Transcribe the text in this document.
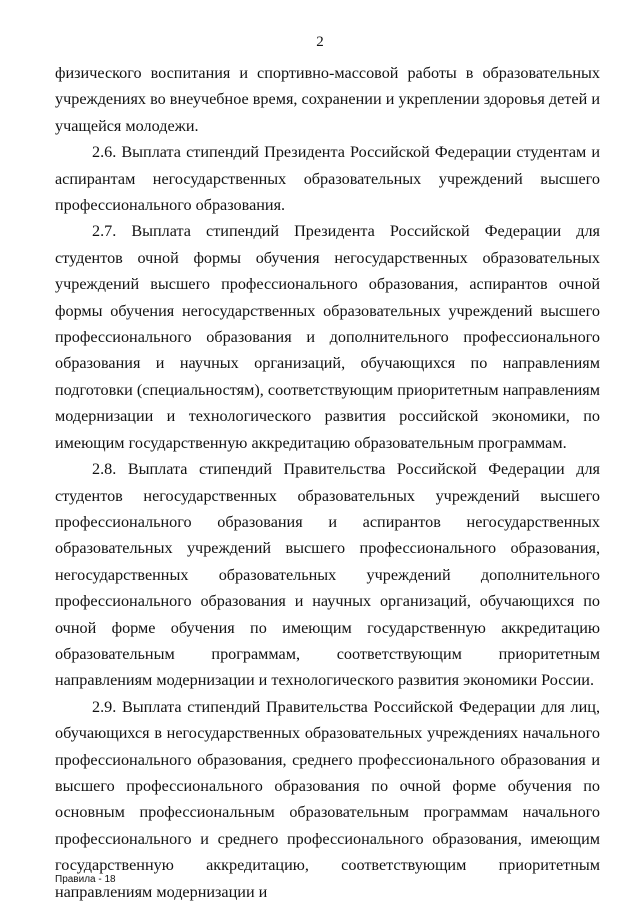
2

физического воспитания и спортивно-массовой работы в образовательных учреждениях во внеучебное время, сохранении и укреплении здоровья детей и учащейся молодежи.

2.6. Выплата стипендий Президента Российской Федерации студентам и аспирантам негосударственных образовательных учреждений высшего профессионального образования.

2.7. Выплата стипендий Президента Российской Федерации для студентов очной формы обучения негосударственных образовательных учреждений высшего профессионального образования, аспирантов очной формы обучения негосударственных образовательных учреждений высшего профессионального образования и дополнительного профессионального образования и научных организаций, обучающихся по направлениям подготовки (специальностям), соответствующим приоритетным направлениям модернизации и технологического развития российской экономики, по имеющим государственную аккредитацию образовательным программам.

2.8. Выплата стипендий Правительства Российской Федерации для студентов негосударственных образовательных учреждений высшего профессионального образования и аспирантов негосударственных образовательных учреждений высшего профессионального образования, негосударственных образовательных учреждений дополнительного профессионального образования и научных организаций, обучающихся по очной форме обучения по имеющим государственную аккредитацию образовательным программам, соответствующим приоритетным направлениям модернизации и технологического развития экономики России.

2.9. Выплата стипендий Правительства Российской Федерации для лиц, обучающихся в негосударственных образовательных учреждениях начального профессионального образования, среднего профессионального образования и высшего профессионального образования по очной форме обучения по основным профессиональным образовательным программам начального профессионального и среднего профессионального образования, имеющим государственную аккредитацию, соответствующим приоритетным направлениям модернизации и

Правила - 18
